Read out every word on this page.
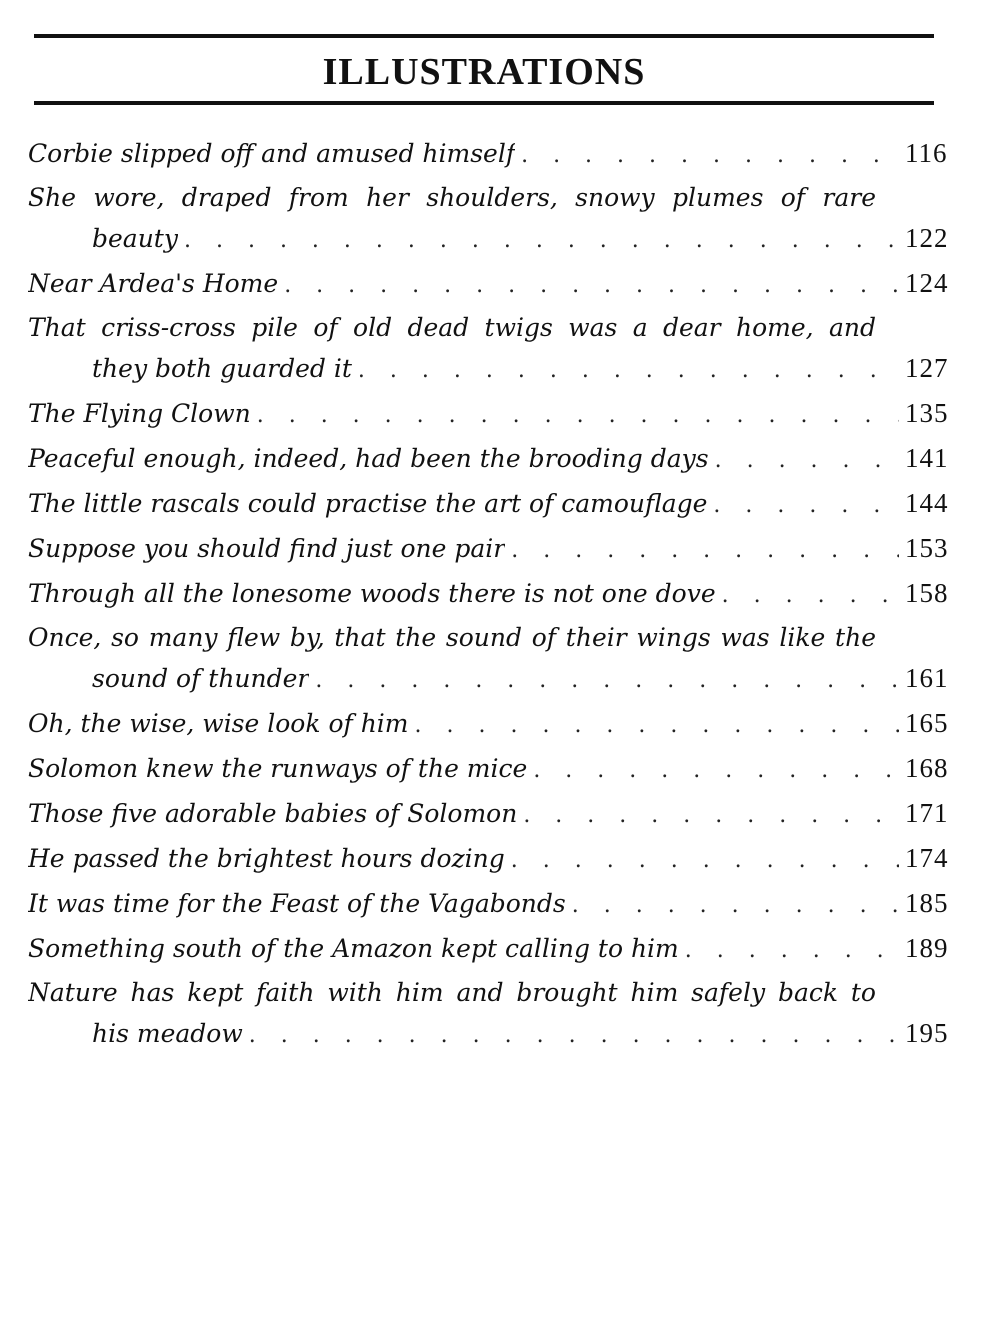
ILLUSTRATIONS
Corbie slipped off and amused himself . . .	116
She wore, draped from her shoulders, snowy plumes of rare
beauty . . .	122
Near Ardea's Home . . .	124
That criss-cross pile of old dead twigs was a dear home, and
they both guarded it . . .	127
The Flying Clown . . .	135
Peaceful enough, indeed, had been the brooding days . . .	141
The little rascals could practise the art of camouflage . . .	144
Suppose you should find just one pair . . .	153
Through all the lonesome woods there is not one dove . . .	158
Once, so many flew by, that the sound of their wings was like the
sound of thunder . . .	161
Oh, the wise, wise look of him . . .	165
Solomon knew the runways of the mice . . .	168
Those five adorable babies of Solomon . . .	171
He passed the brightest hours dozing . . .	174
It was time for the Feast of the Vagabonds . . .	185
Something south of the Amazon kept calling to him . . .	189
Nature has kept faith with him and brought him safely back to
his meadow . . .	195
